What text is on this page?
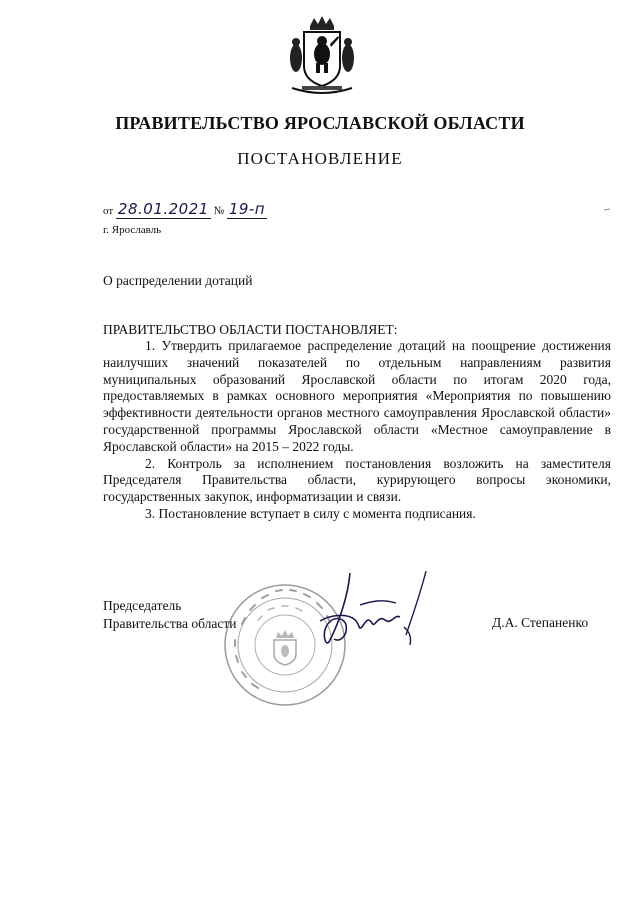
ПРАВИТЕЛЬСТВО ЯРОСЛАВСКОЙ ОБЛАСТИ
ПОСТАНОВЛЕНИЕ
от 28.01.2021 № 19-п
г. Ярославль
О распределении дотаций
ПРАВИТЕЛЬСТВО ОБЛАСТИ ПОСТАНОВЛЯЕТ:

1. Утвердить прилагаемое распределение дотаций на поощрение достижения наилучших значений показателей по отдельным направлениям развития муниципальных образований Ярославской области по итогам 2020 года, предоставляемых в рамках основного мероприятия «Мероприятия по повышению эффективности деятельности органов местного самоуправления Ярославской области» государственной программы Ярославской области «Местное самоуправление в Ярославской области» на 2015 – 2022 годы.

2. Контроль за исполнением постановления возложить на заместителя Председателя Правительства области, курирующего вопросы экономики, государственных закупок, информатизации и связи.

3. Постановление вступает в силу с момента подписания.

Председатель
Правительства области	Д.А. Степаненко
